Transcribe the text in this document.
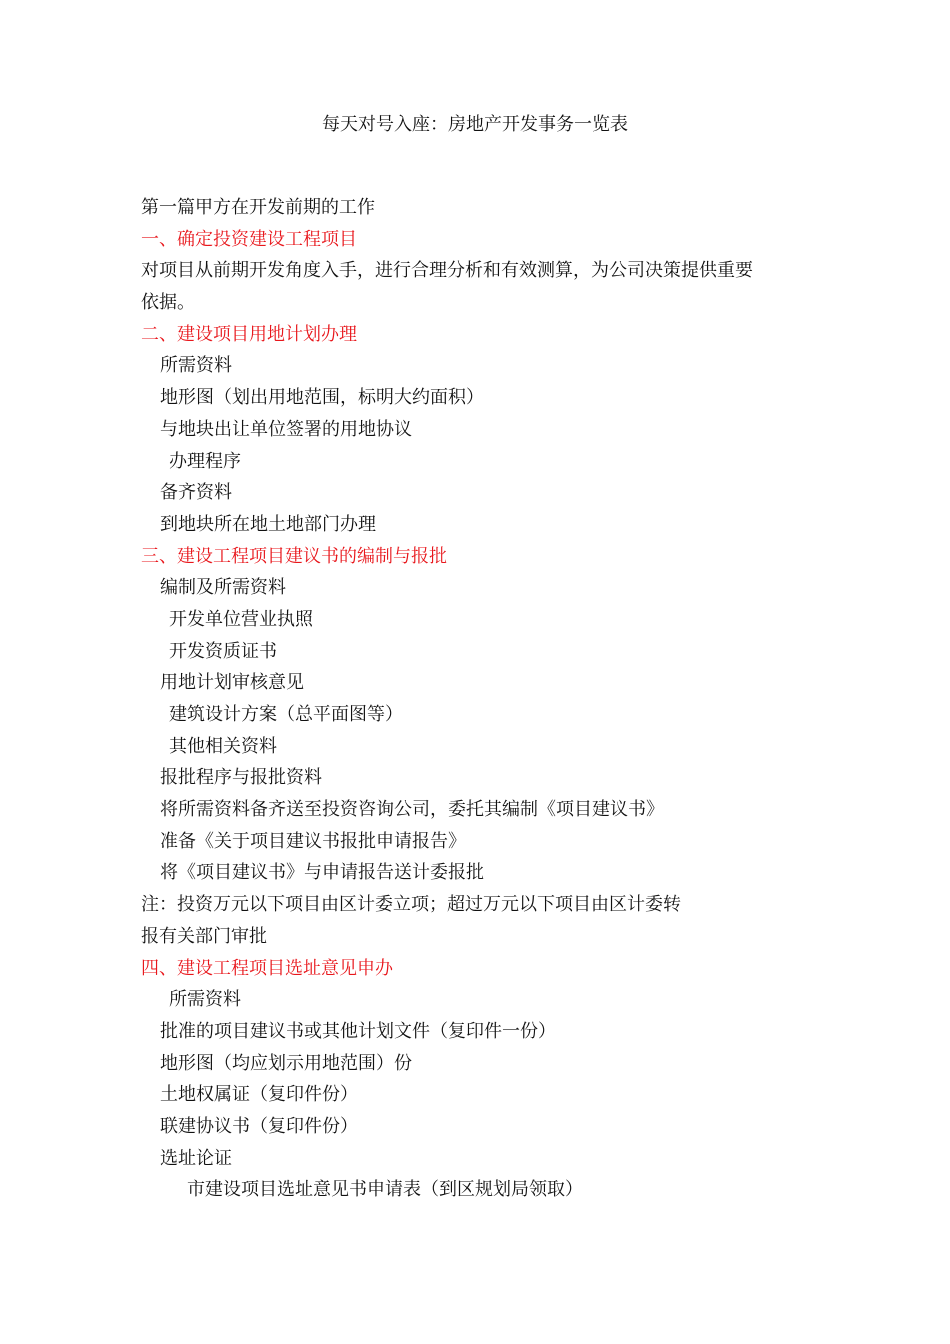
每天对号入座：房地产开发事务一览表
第一篇甲方在开发前期的工作
一、确定投资建设工程项目
对项目从前期开发角度入手，进行合理分析和有效测算，为公司决策提供重要
依据。
二、建设项目用地计划办理
所需资料
地形图（划出用地范围，标明大约面积）
与地块出让单位签署的用地协议
办理程序
备齐资料
到地块所在地土地部门办理
三、建设工程项目建议书的编制与报批
编制及所需资料
开发单位营业执照
开发资质证书
用地计划审核意见
建筑设计方案（总平面图等）
其他相关资料
报批程序与报批资料
将所需资料备齐送至投资咨询公司，委托其编制《项目建议书》
准备《关于项目建议书报批申请报告》
将《项目建议书》与申请报告送计委报批
注：投资万元以下项目由区计委立项；超过万元以下项目由区计委转
报有关部门审批
四、建设工程项目选址意见申办
所需资料
批准的项目建议书或其他计划文件（复印件一份）
地形图（均应划示用地范围）份
土地权属证（复印件份）
联建协议书（复印件份）
选址论证
市建设项目选址意见书申请表（到区规划局领取）
